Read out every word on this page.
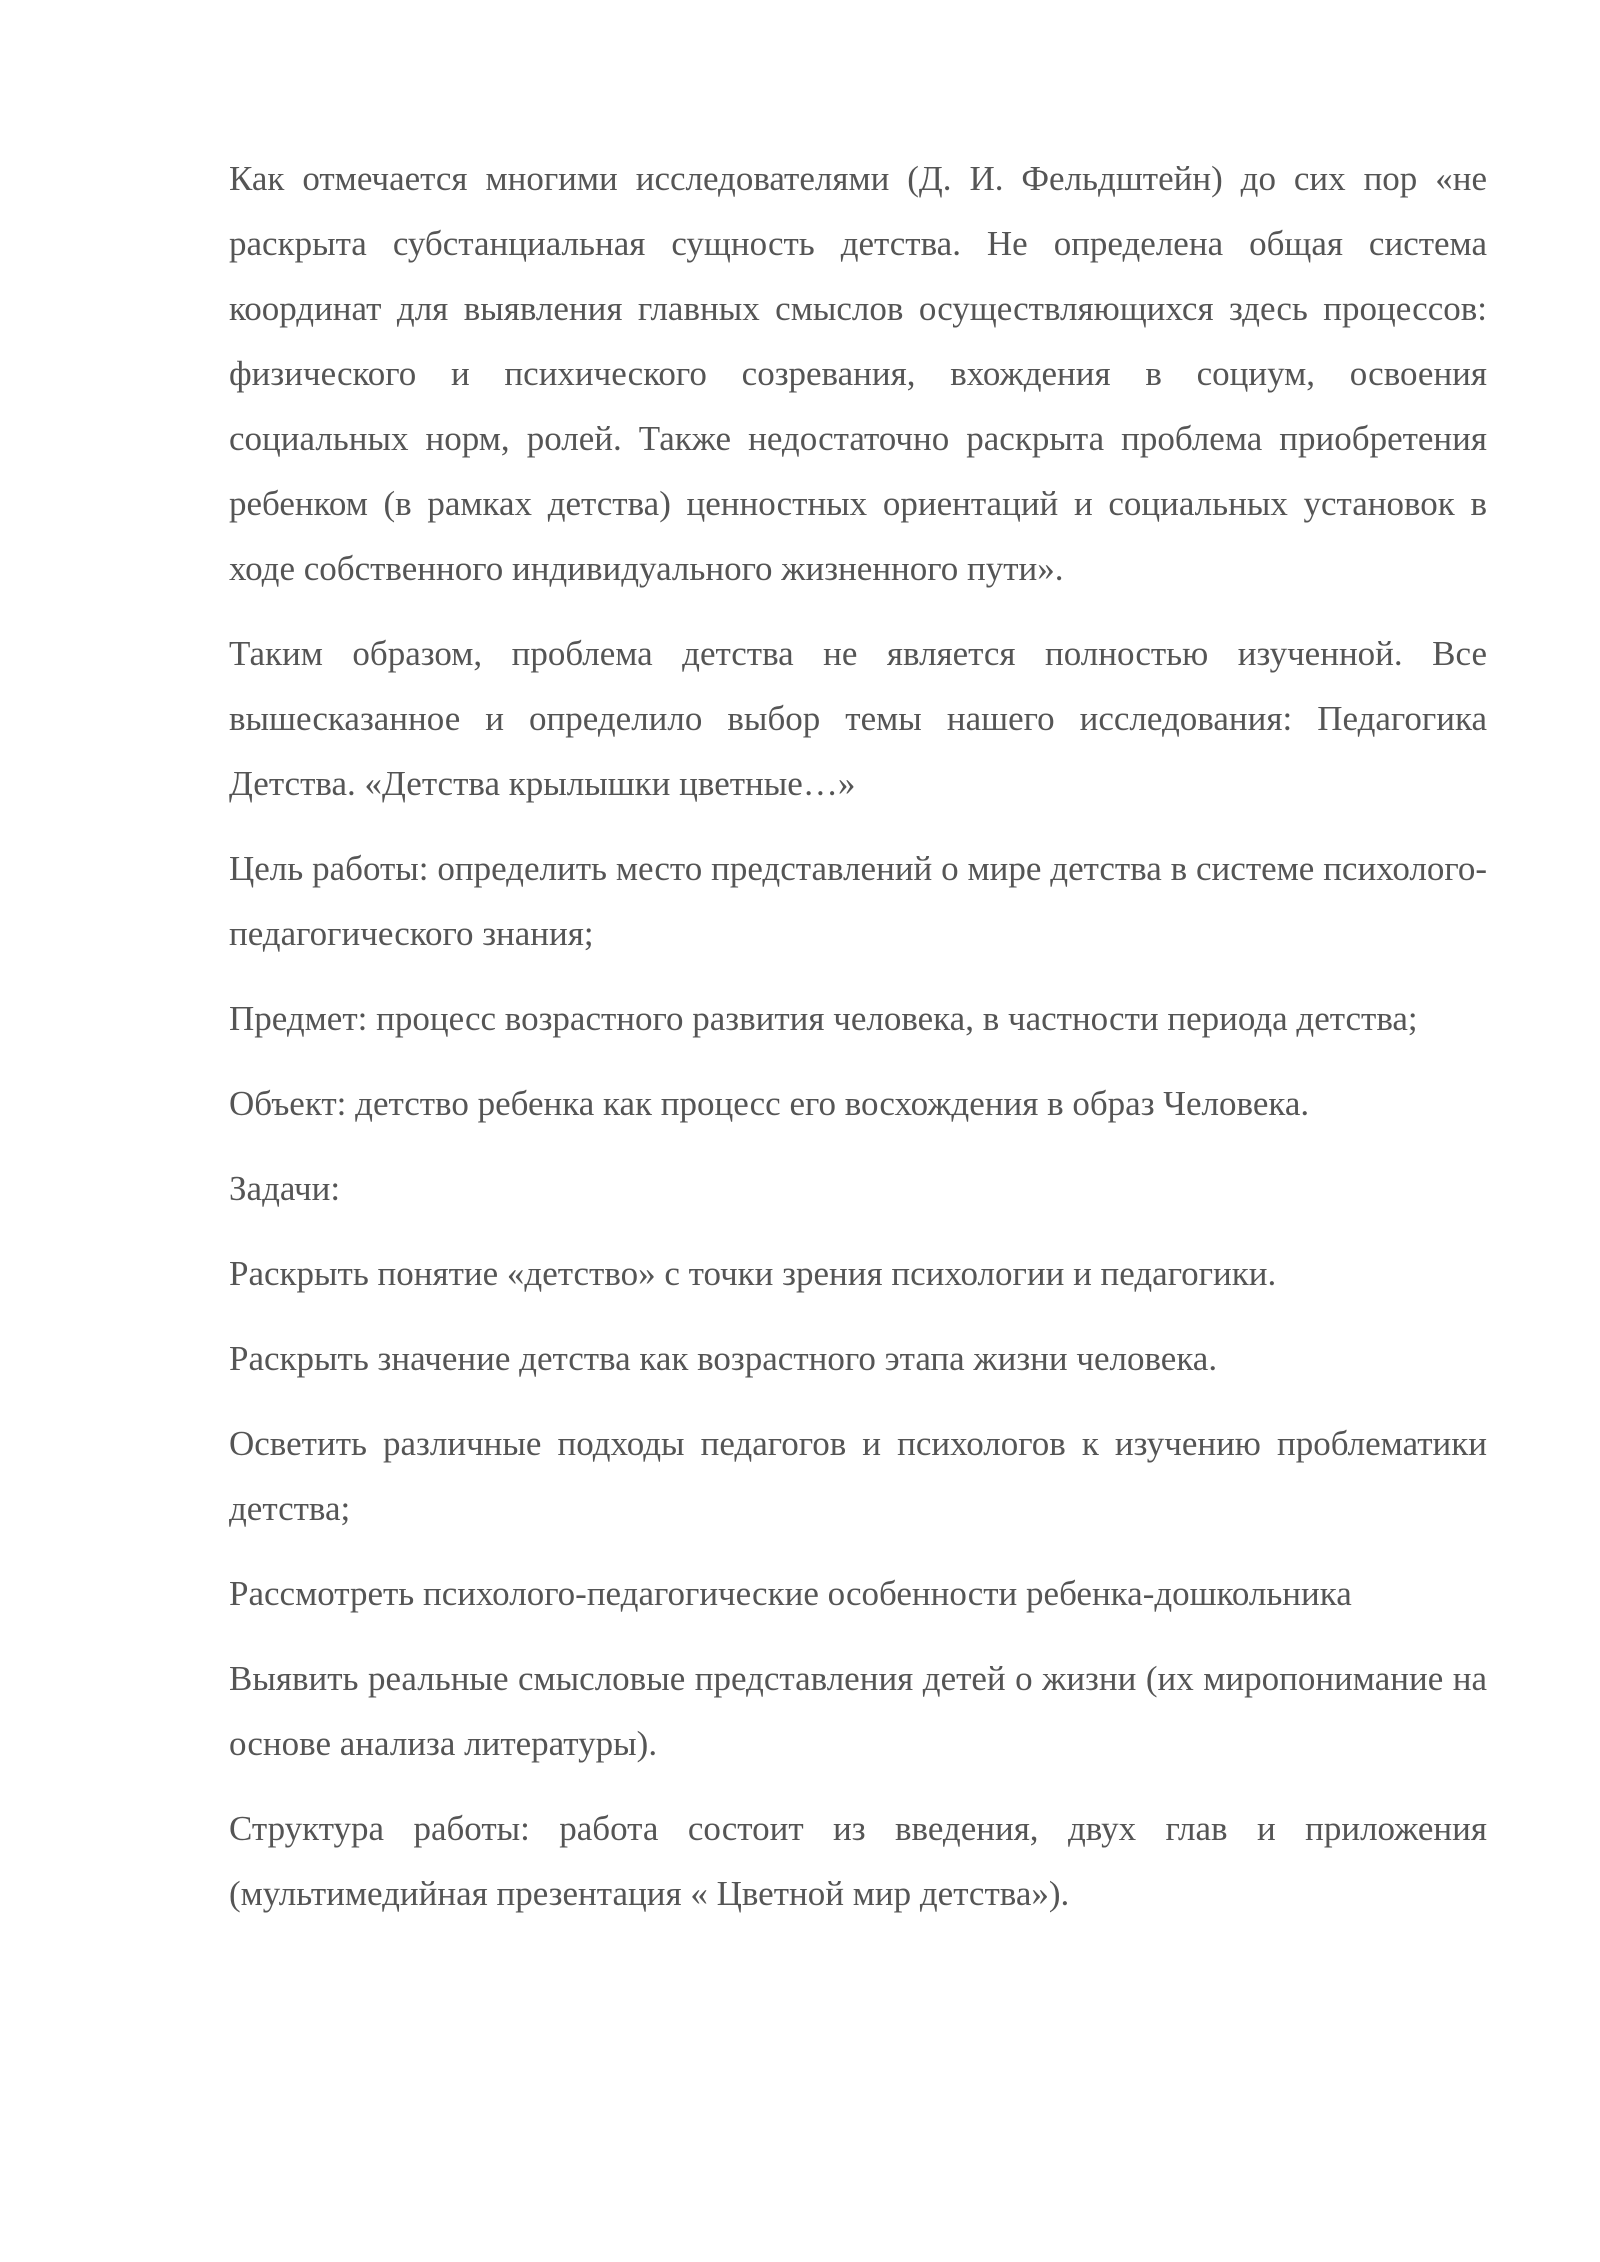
Как отмечается многими исследователями (Д. И. Фельдштейн) до сих пор «не раскрыта субстанциальная сущность детства. Не определена общая система координат для выявления главных смыслов осуществляющихся здесь процессов: физического и психического созревания, вхождения в социум, освоения социальных норм, ролей. Также недостаточно раскрыта проблема приобретения ребенком (в рамках детства) ценностных ориентаций и социальных установок в ходе собственного индивидуального жизненного пути».

Таким образом, проблема детства не является полностью изученной. Все вышесказанное и определило выбор темы нашего исследования: Педагогика Детства. «Детства крылышки цветные…»

Цель работы: определить место представлений о мире детства в системе психолого-педагогического знания;

Предмет: процесс возрастного развития человека, в частности периода детства;

Объект: детство ребенка как процесс его восхождения в образ Человека.

Задачи:

Раскрыть понятие «детство» с точки зрения психологии и педагогики.

Раскрыть значение детства как возрастного этапа жизни человека.

Осветить различные подходы педагогов и психологов к изучению проблематики детства;

Рассмотреть психолого-педагогические особенности ребенка-дошкольника

Выявить реальные смысловые представления детей о жизни (их миропонимание на основе анализа литературы).

Структура работы: работа состоит из введения, двух глав и приложения (мультимедийная презентация « Цветной мир детства»).
